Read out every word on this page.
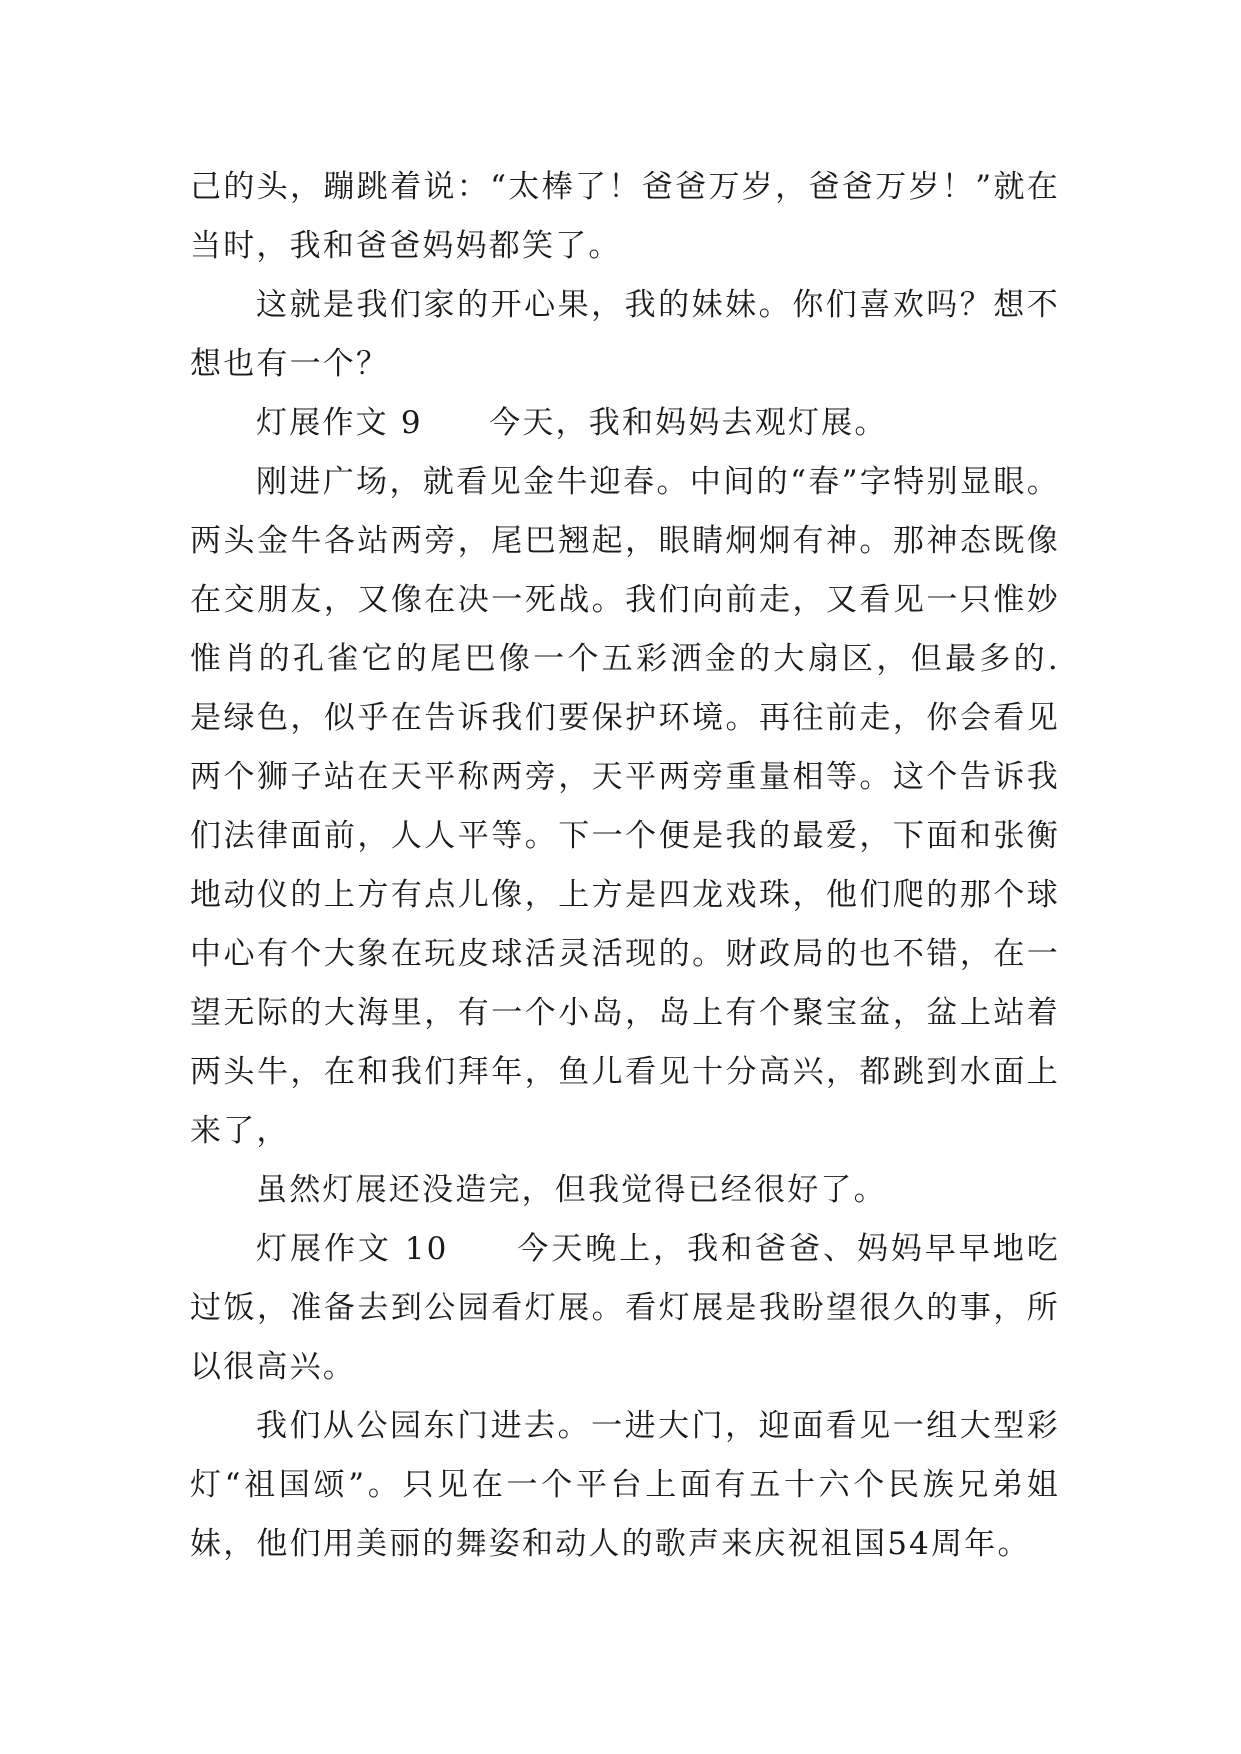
己的头，蹦跳着说：“太棒了！爸爸万岁，爸爸万岁！”就在当时，我和爸爸妈妈都笑了。

这就是我们家的开心果，我的妹妹。你们喜欢吗？想不想也有一个？

灯展作文 9　　今天，我和妈妈去观灯展。

刚进广场，就看见金牛迎春。中间的“春”字特别显眼。两头金牛各站两旁，尾巴翘起，眼睛炯炯有神。那神态既像在交朋友，又像在决一死战。我们向前走，又看见一只惟妙惟肖的孔雀它的尾巴像一个五彩洒金的大扇区，但最多的.是绿色，似乎在告诉我们要保护环境。再往前走，你会看见两个狮子站在天平称两旁，天平两旁重量相等。这个告诉我们法律面前，人人平等。下一个便是我的最爱，下面和张衡地动仪的上方有点儿像，上方是四龙戏珠，他们爬的那个球中心有个大象在玩皮球活灵活现的。财政局的也不错，在一望无际的大海里，有一个小岛，岛上有个聚宝盆，盆上站着两头牛，在和我们拜年，鱼儿看见十分高兴，都跳到水面上来了，

虽然灯展还没造完，但我觉得已经很好了。

灯展作文 10　　今天晚上，我和爸爸、妈妈早早地吃过饭，准备去到公园看灯展。看灯展是我盼望很久的事，所以很高兴。

我们从公园东门进去。一进大门，迎面看见一组大型彩灯“祖国颂”。只见在一个平台上面有五十六个民族兄弟姐妹，他们用美丽的舞姿和动人的歌声来庆祝祖国54周年。
